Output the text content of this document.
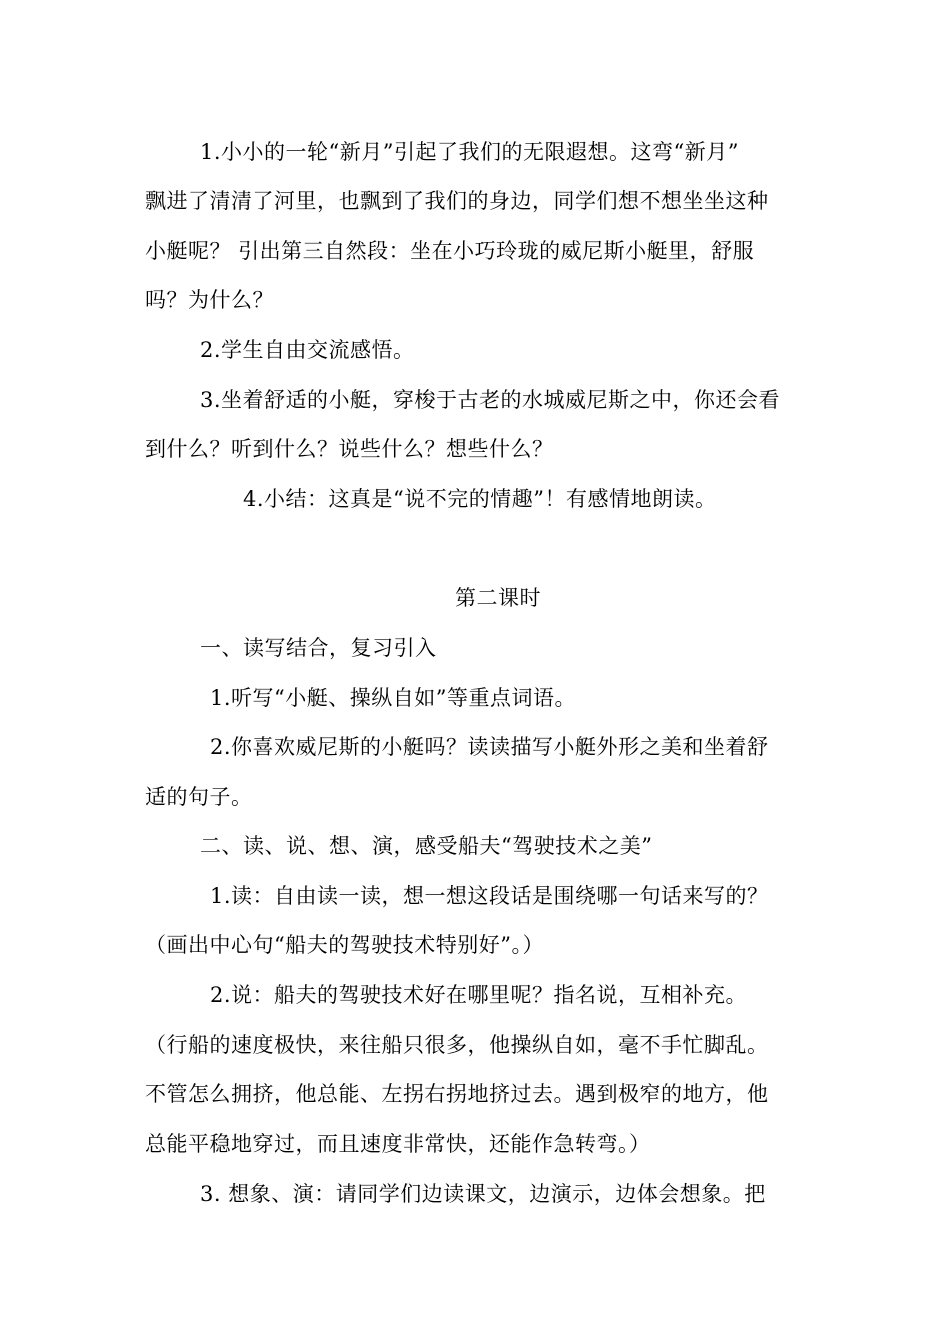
1.小小的一轮“新月”引起了我们的无限遐想。这弯“新月”
飘进了清清了河里，也飘到了我们的身边，同学们想不想坐坐这种
小艇呢？ 引出第三自然段：坐在小巧玲珑的威尼斯小艇里，舒服
吗？为什么？
2.学生自由交流感悟。
3.坐着舒适的小艇，穿梭于古老的水城威尼斯之中，你还会看
到什么？听到什么？说些什么？想些什么？
4.小结：这真是“说不完的情趣”！有感情地朗读。
第二课时
一、读写结合，复习引入
1.听写“小艇、操纵自如”等重点词语。
2.你喜欢威尼斯的小艇吗？读读描写小艇外形之美和坐着舒
适的句子。
二、读、说、想、演，感受船夫“驾驶技术之美”
1.读：自由读一读，想一想这段话是围绕哪一句话来写的？
（画出中心句“船夫的驾驶技术特别好”。）
2.说：船夫的驾驶技术好在哪里呢？指名说，互相补充。
（行船的速度极快，来往船只很多，他操纵自如，毫不手忙脚乱。
不管怎么拥挤，他总能、左拐右拐地挤过去。遇到极窄的地方，他
总能平稳地穿过，而且速度非常快，还能作急转弯。）
3. 想象、演：请同学们边读课文，边演示，边体会想象。把
